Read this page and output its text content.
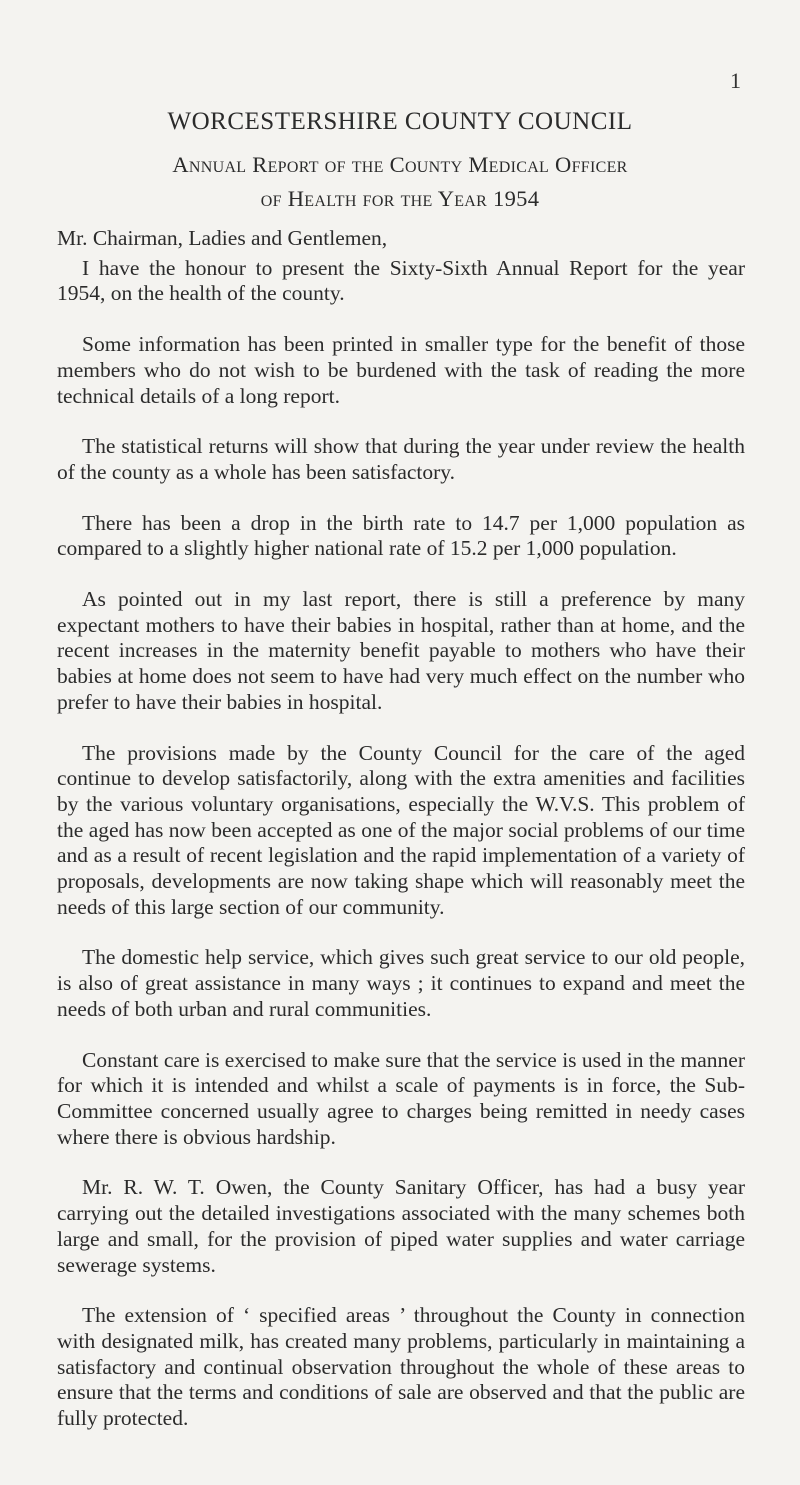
1
WORCESTERSHIRE COUNTY COUNCIL
Annual Report of the County Medical Officer
of Health for the Year 1954

Mr. Chairman, Ladies and Gentlemen,

I have the honour to present the Sixty-Sixth Annual Report for the year 1954, on the health of the county.

Some information has been printed in smaller type for the benefit of those members who do not wish to be burdened with the task of reading the more technical details of a long report.

The statistical returns will show that during the year under review the health of the county as a whole has been satisfactory.

There has been a drop in the birth rate to 14.7 per 1,000 population as compared to a slightly higher national rate of 15.2 per 1,000 population.

As pointed out in my last report, there is still a preference by many expectant mothers to have their babies in hospital, rather than at home, and the recent increases in the maternity benefit payable to mothers who have their babies at home does not seem to have had very much effect on the number who prefer to have their babies in hospital.

The provisions made by the County Council for the care of the aged continue to develop satisfactorily, along with the extra amenities and facilities by the various voluntary organisations, especially the W.V.S. This problem of the aged has now been accepted as one of the major social problems of our time and as a result of recent legislation and the rapid implementation of a variety of proposals, developments are now taking shape which will reasonably meet the needs of this large section of our community.

The domestic help service, which gives such great service to our old people, is also of great assistance in many ways ; it continues to expand and meet the needs of both urban and rural communities.

Constant care is exercised to make sure that the service is used in the manner for which it is intended and whilst a scale of payments is in force, the Sub-Committee concerned usually agree to charges being remitted in needy cases where there is obvious hardship.

Mr. R. W. T. Owen, the County Sanitary Officer, has had a busy year carrying out the detailed investigations associated with the many schemes both large and small, for the provision of piped water supplies and water carriage sewerage systems.

The extension of ‘ specified areas ’ throughout the County in connection with designated milk, has created many problems, particularly in maintaining a satisfactory and continual observation throughout the whole of these areas to ensure that the terms and conditions of sale are observed and that the public are fully protected.
